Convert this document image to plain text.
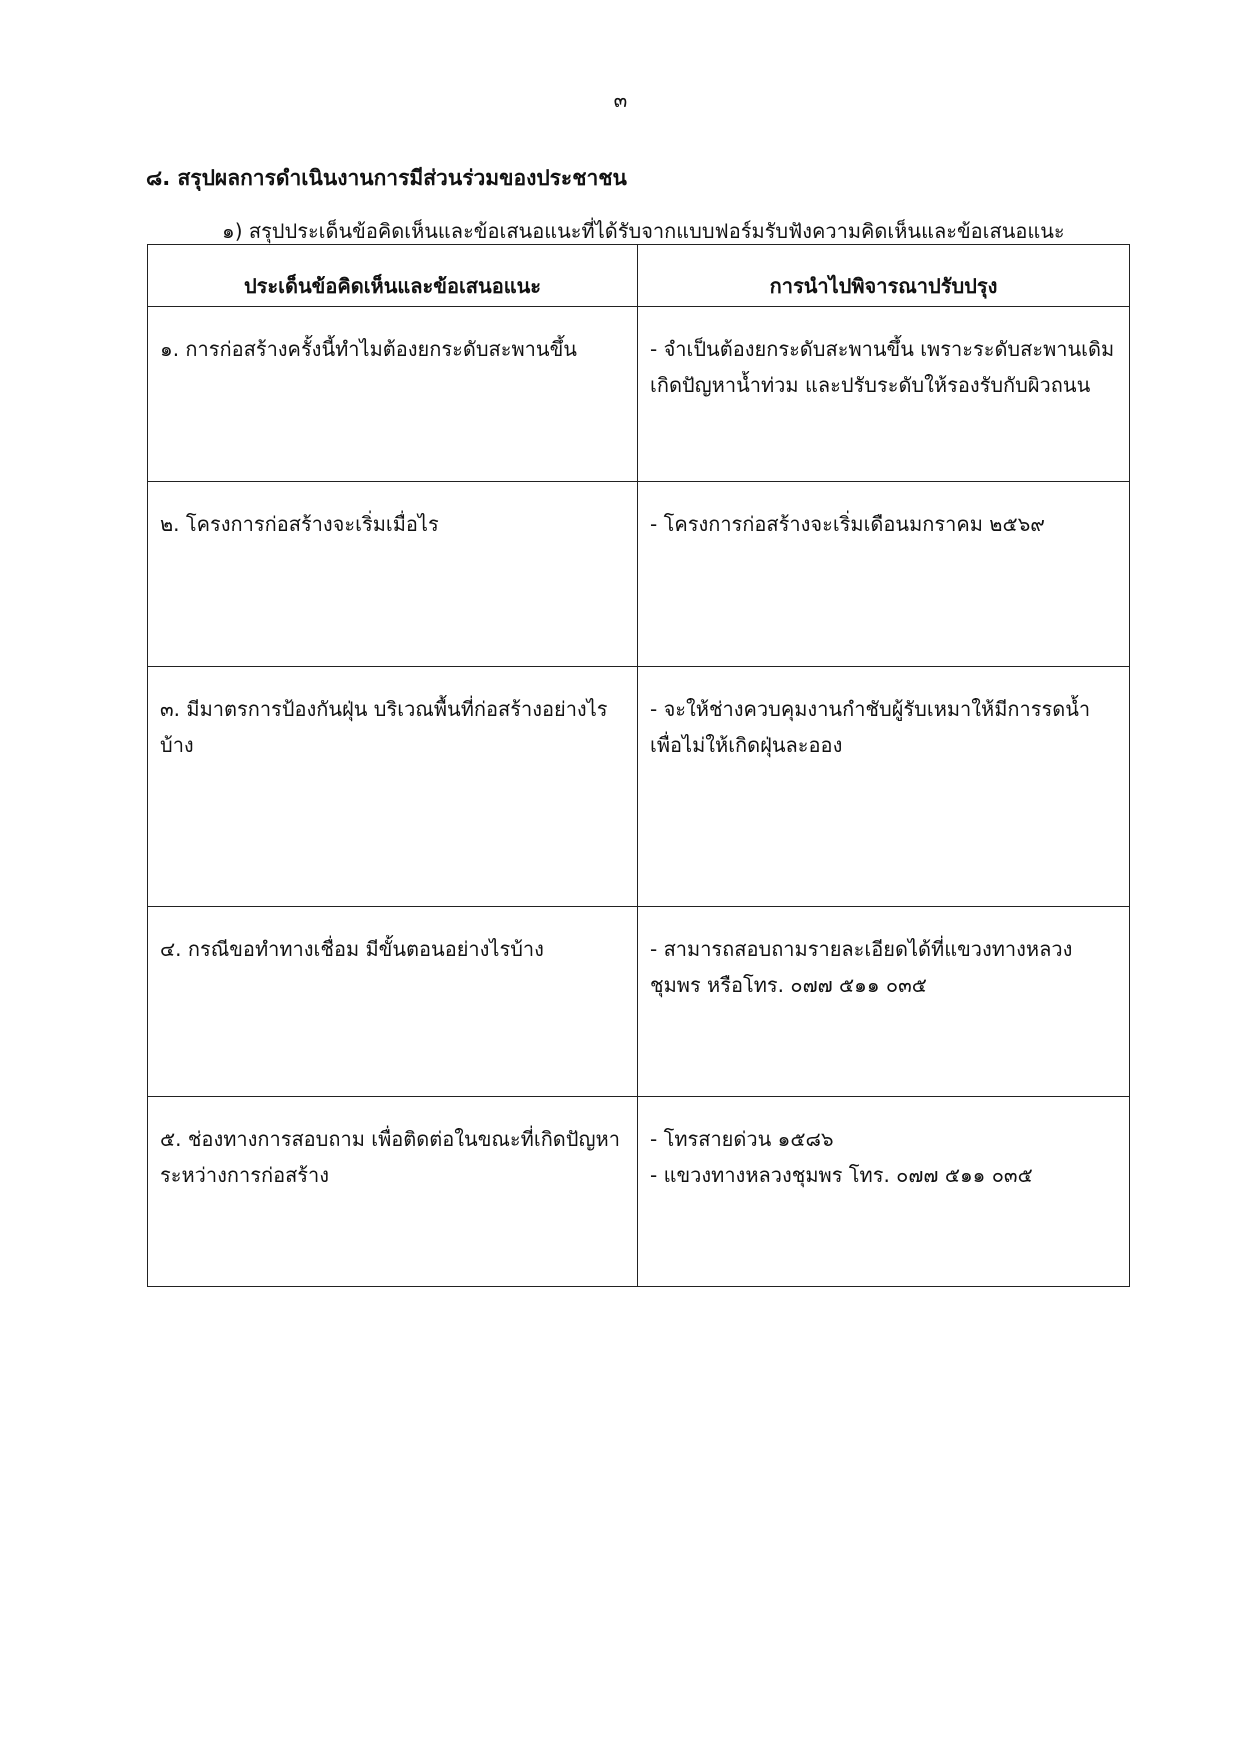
๓
๘. สรุปผลการดำเนินงานการมีส่วนร่วมของประชาชน
๑) สรุปประเด็นข้อคิดเห็นและข้อเสนอแนะที่ได้รับจากแบบฟอร์มรับฟังความคิดเห็นและข้อเสนอแนะ
ประเด็นข้อคิดเห็นและข้อเสนอแนะ	การนำไปพิจารณาปรับปรุง
๑. การก่อสร้างครั้งนี้ทำไมต้องยกระดับสะพานขึ้น	- จำเป็นต้องยกระดับสะพานขึ้น เพราะระดับสะพานเดิม เกิดปัญหาน้ำท่วม และปรับระดับให้รองรับกับผิวถนน

๒. โครงการก่อสร้างจะเริ่มเมื่อไร	- โครงการก่อสร้างจะเริ่มเดือนมกราคม ๒๕๖๙

๓. มีมาตรการป้องกันฝุ่น บริเวณพื้นที่ก่อสร้างอย่างไรบ้าง	- จะให้ช่างควบคุมงานกำชับผู้รับเหมาให้มีการรดน้ำเพื่อไม่ให้เกิดฝุ่นละออง

๔. กรณีขอทำทางเชื่อม มีขั้นตอนอย่างไรบ้าง	- สามารถสอบถามรายละเอียดได้ที่แขวงทางหลวงชุมพร หรือโทร. ๐๗๗ ๕๑๑ ๐๓๕

๕. ช่องทางการสอบถาม เพื่อติดต่อในขณะที่เกิดปัญหาระหว่างการก่อสร้าง	- โทรสายด่วน ๑๕๘๖
- แขวงทางหลวงชุมพร โทร. ๐๗๗ ๕๑๑ ๐๓๕
